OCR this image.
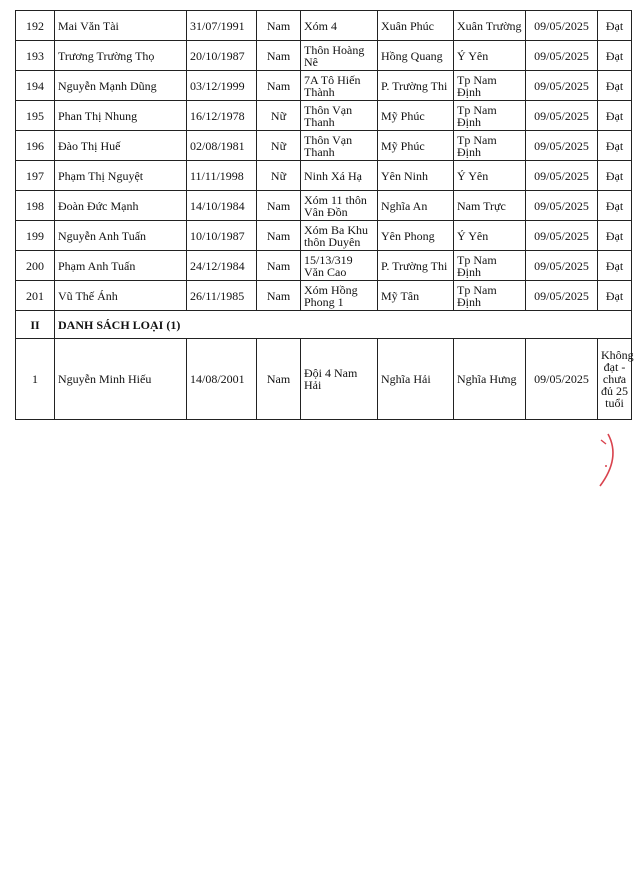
192	Mai Văn Tài	31/07/1991	Nam	Xóm 4	Xuân Phúc	Xuân Trường	09/05/2025	Đạt
193	Trương Trường Thọ	20/10/1987	Nam	Thôn Hoàng Nê	Hồng Quang	Ý Yên	09/05/2025	Đạt
194	Nguyễn Mạnh Dũng	03/12/1999	Nam	7A Tô Hiến Thành	P. Trường Thi	Tp Nam Định	09/05/2025	Đạt
195	Phan Thị Nhung	16/12/1978	Nữ	Thôn Vạn Thanh	Mỹ Phúc	Tp Nam Định	09/05/2025	Đạt
196	Đào Thị Huế	02/08/1981	Nữ	Thôn Vạn Thanh	Mỹ Phúc	Tp Nam Định	09/05/2025	Đạt
197	Phạm Thị Nguyệt	11/11/1998	Nữ	Ninh Xá Hạ	Yên Ninh	Ý Yên	09/05/2025	Đạt
198	Đoàn Đức Mạnh	14/10/1984	Nam	Xóm 11 thôn Vân Đồn	Nghĩa An	Nam Trực	09/05/2025	Đạt
199	Nguyễn Anh Tuấn	10/10/1987	Nam	Xóm Ba Khu thôn Duyên	Yên Phong	Ý Yên	09/05/2025	Đạt
200	Phạm Anh Tuấn	24/12/1984	Nam	15/13/319 Văn Cao	P. Trường Thi	Tp Nam Định	09/05/2025	Đạt
201	Vũ Thế Ánh	26/11/1985	Nam	Xóm Hồng Phong 1	Mỹ Tân	Tp Nam Định	09/05/2025	Đạt
II	DANH SÁCH LOẠI (1)							
1	Nguyễn Minh Hiếu	14/08/2001	Nam	Đội 4 Nam Hải	Nghĩa Hải	Nghĩa Hưng	09/05/2025	Không đạt - chưa đủ 25 tuổi
